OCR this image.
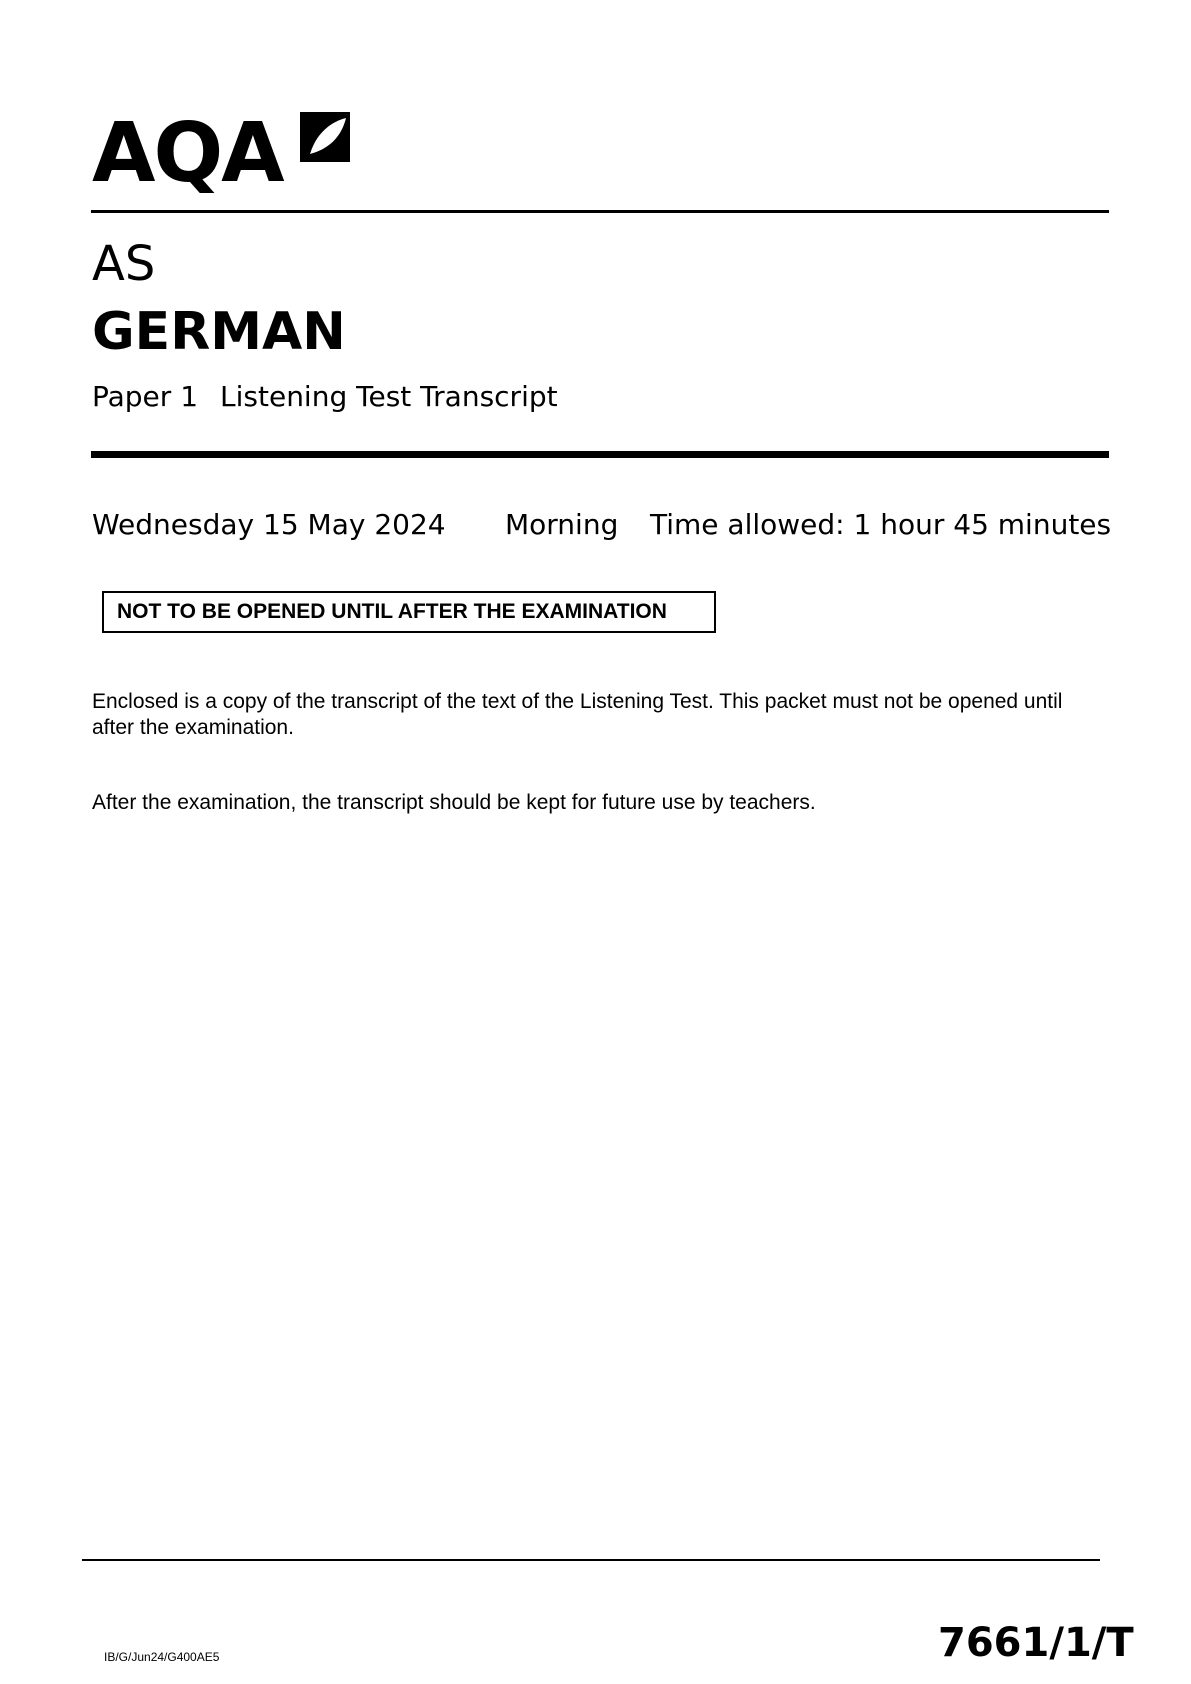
AQA
AS
GERMAN
Paper 1 Listening Test Transcript
Wednesday 15 May 2024 Morning Time allowed: 1 hour 45 minutes
NOT TO BE OPENED UNTIL AFTER THE EXAMINATION
Enclosed is a copy of the transcript of the text of the Listening Test. This packet must not be opened until after the examination.
After the examination, the transcript should be kept for future use by teachers.
IB/G/Jun24/G400AE5	7661/1/T
